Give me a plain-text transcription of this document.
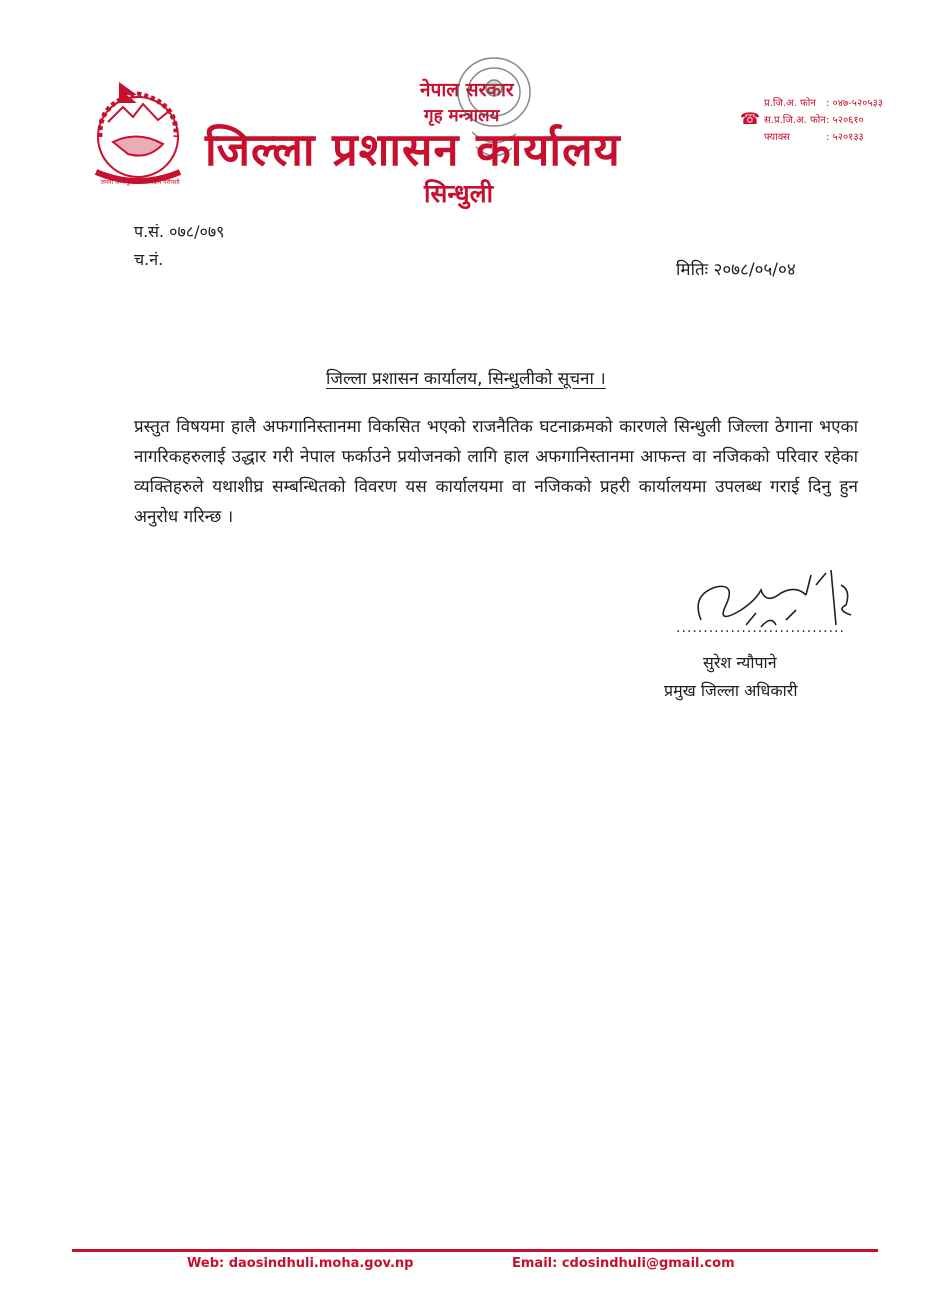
जननी जन्मभूमिश्च स्वर्गादपि गरीयसी
नेपाल सरकार
गृह मन्त्रालय
जिल्ला प्रशासन कार्यालय
सिन्धुली
☎
प्र.जि.अ. फोन	: ०४७-५२०५३३
स.प्र.जि.अ. फोन : ५२०६१०
फ्याक्स	: ५२०१३३
प.सं. ०७८/०७९
च.नं.
मितिः २०७८/०५/०४
जिल्ला प्रशासन कार्यालय, सिन्धुलीको सूचना ।
प्रस्तुत विषयमा हालै अफगानिस्तानमा विकसित भएको राजनैतिक घटनाक्रमको कारणले सिन्धुली जिल्ला ठेगाना भएका नागरिकहरुलाई उद्धार गरी नेपाल फर्काउने प्रयोजनको लागि हाल अफगानिस्तानमा आफन्त वा नजिकको परिवार रहेका व्यक्तिहरुले यथाशीघ्र सम्बन्धितको विवरण यस कार्यालयमा वा नजिकको प्रहरी कार्यालयमा उपलब्ध गराई दिनु हुन अनुरोध गरिन्छ ।
...............................
सुरेश न्यौपाने
प्रमुख जिल्ला अधिकारी
Web: daosindhuli.moha.gov.np	Email: cdosindhuli@gmail.com
